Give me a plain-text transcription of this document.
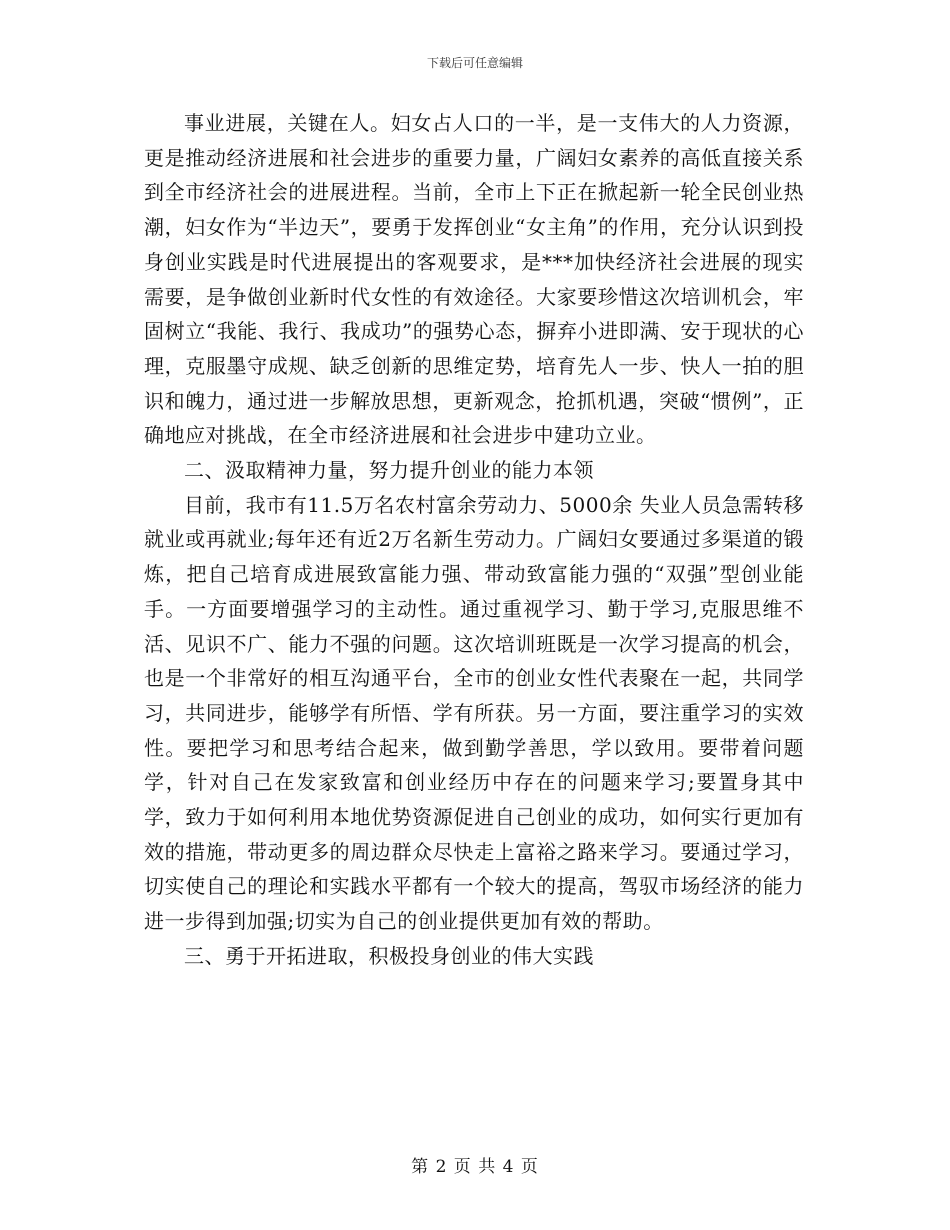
下载后可任意编辑

事业进展，关键在人。妇女占人口的一半，是一支伟大的人力资源，更是推动经济进展和社会进步的重要力量，广阔妇女素养的高低直接关系到全市经济社会的进展进程。当前，全市上下正在掀起新一轮全民创业热潮，妇女作为“半边天”，要勇于发挥创业“女主角”的作用，充分认识到投身创业实践是时代进展提出的客观要求，是***加快经济社会进展的现实需要，是争做创业新时代女性的有效途径。大家要珍惜这次培训机会，牢固树立“我能、我行、我成功”的强势心态，摒弃小进即满、安于现状的心理，克服墨守成规、缺乏创新的思维定势，培育先人一步、快人一拍的胆识和魄力，通过进一步解放思想，更新观念，抢抓机遇，突破“惯例”，正确地应对挑战，在全市经济进展和社会进步中建功立业。

二、汲取精神力量，努力提升创业的能力本领

目前，我市有11.5万名农村富余劳动力、5000余 失业人员急需转移就业或再就业;每年还有近2万名新生劳动力。广阔妇女要通过多渠道的锻炼，把自己培育成进展致富能力强、带动致富能力强的“双强”型创业能手。一方面要增强学习的主动性。通过重视学习、勤于学习,克服思维不活、见识不广、能力不强的问题。这次培训班既是一次学习提高的机会，也是一个非常好的相互沟通平台，全市的创业女性代表聚在一起，共同学习，共同进步，能够学有所悟、学有所获。另一方面，要注重学习的实效性。要把学习和思考结合起来，做到勤学善思，学以致用。要带着问题学，针对自己在发家致富和创业经历中存在的问题来学习;要置身其中学，致力于如何利用本地优势资源促进自己创业的成功，如何实行更加有效的措施，带动更多的周边群众尽快走上富裕之路来学习。要通过学习，切实使自己的理论和实践水平都有一个较大的提高，驾驭市场经济的能力进一步得到加强;切实为自己的创业提供更加有效的帮助。

三、勇于开拓进取，积极投身创业的伟大实践

第 2 页 共 4 页
